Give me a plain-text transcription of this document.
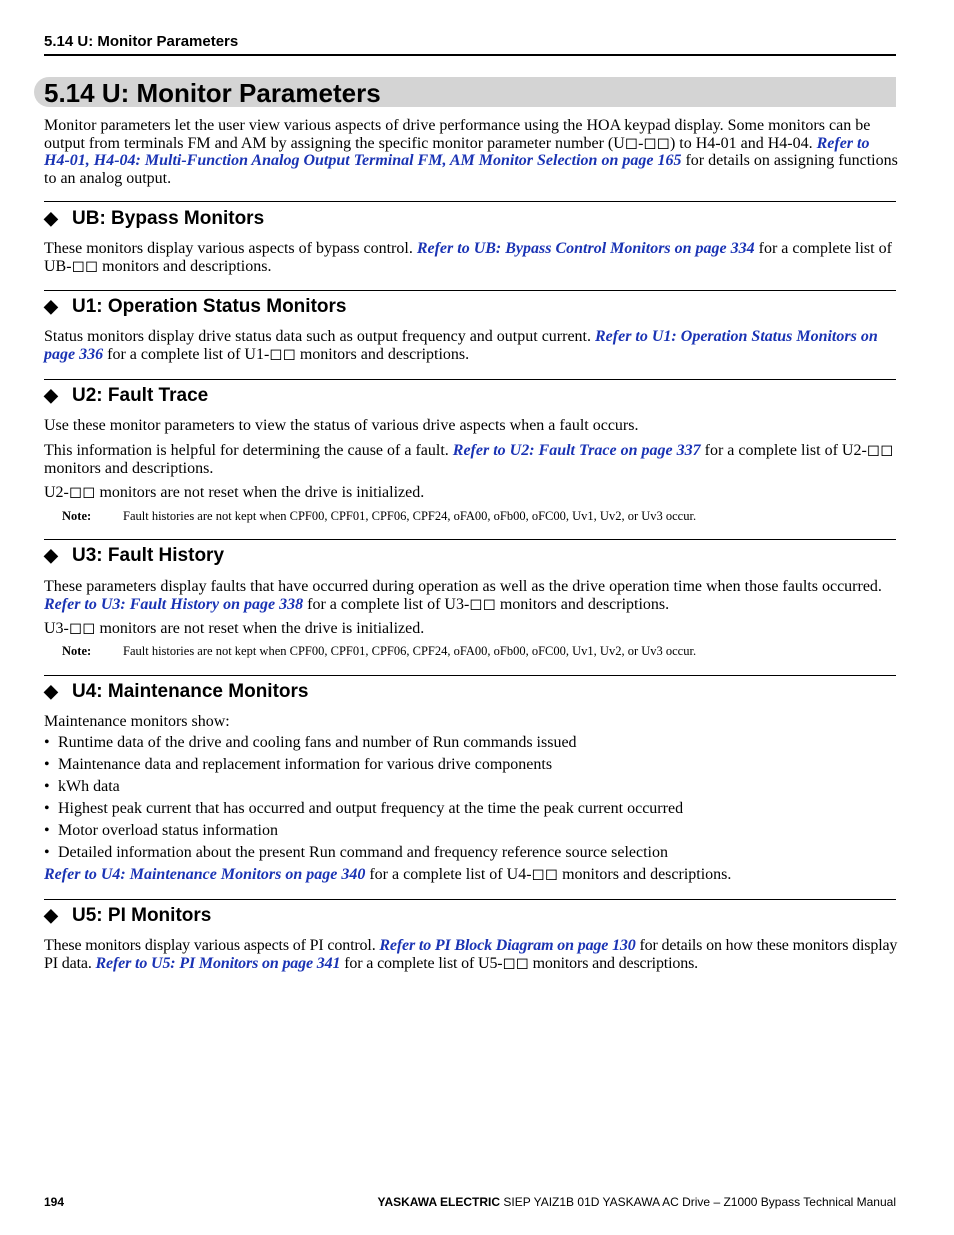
5.14 U: Monitor Parameters
5.14 U: Monitor Parameters
Monitor parameters let the user view various aspects of drive performance using the HOA keypad display. Some monitors can be output from terminals FM and AM by assigning the specific monitor parameter number (U◻-◻◻) to H4-01 and H4-04. Refer to H4-01, H4-04: Multi-Function Analog Output Terminal FM, AM Monitor Selection on page 165 for details on assigning functions to an analog output.
◆ UB: Bypass Monitors
These monitors display various aspects of bypass control. Refer to UB: Bypass Control Monitors on page 334 for a complete list of UB-◻◻ monitors and descriptions.
◆ U1: Operation Status Monitors
Status monitors display drive status data such as output frequency and output current. Refer to U1: Operation Status Monitors on page 336 for a complete list of U1-◻◻ monitors and descriptions.
◆ U2: Fault Trace
Use these monitor parameters to view the status of various drive aspects when a fault occurs.
This information is helpful for determining the cause of a fault. Refer to U2: Fault Trace on page 337 for a complete list of U2-◻◻ monitors and descriptions.
U2-◻◻ monitors are not reset when the drive is initialized.
Note:	Fault histories are not kept when CPF00, CPF01, CPF06, CPF24, oFA00, oFb00, oFC00, Uv1, Uv2, or Uv3 occur.
◆ U3: Fault History
These parameters display faults that have occurred during operation as well as the drive operation time when those faults occurred. Refer to U3: Fault History on page 338 for a complete list of U3-◻◻ monitors and descriptions.
U3-◻◻ monitors are not reset when the drive is initialized.
Note:	Fault histories are not kept when CPF00, CPF01, CPF06, CPF24, oFA00, oFb00, oFC00, Uv1, Uv2, or Uv3 occur.
◆ U4: Maintenance Monitors
Maintenance monitors show:
• Runtime data of the drive and cooling fans and number of Run commands issued
• Maintenance data and replacement information for various drive components
• kWh data
• Highest peak current that has occurred and output frequency at the time the peak current occurred
• Motor overload status information
• Detailed information about the present Run command and frequency reference source selection
Refer to U4: Maintenance Monitors on page 340 for a complete list of U4-◻◻ monitors and descriptions.
◆ U5: PI Monitors
These monitors display various aspects of PI control. Refer to PI Block Diagram on page 130 for details on how these monitors display PI data. Refer to U5: PI Monitors on page 341 for a complete list of U5-◻◻ monitors and descriptions.
194	YASKAWA ELECTRIC SIEP YAIZ1B 01D YASKAWA AC Drive – Z1000 Bypass Technical Manual
